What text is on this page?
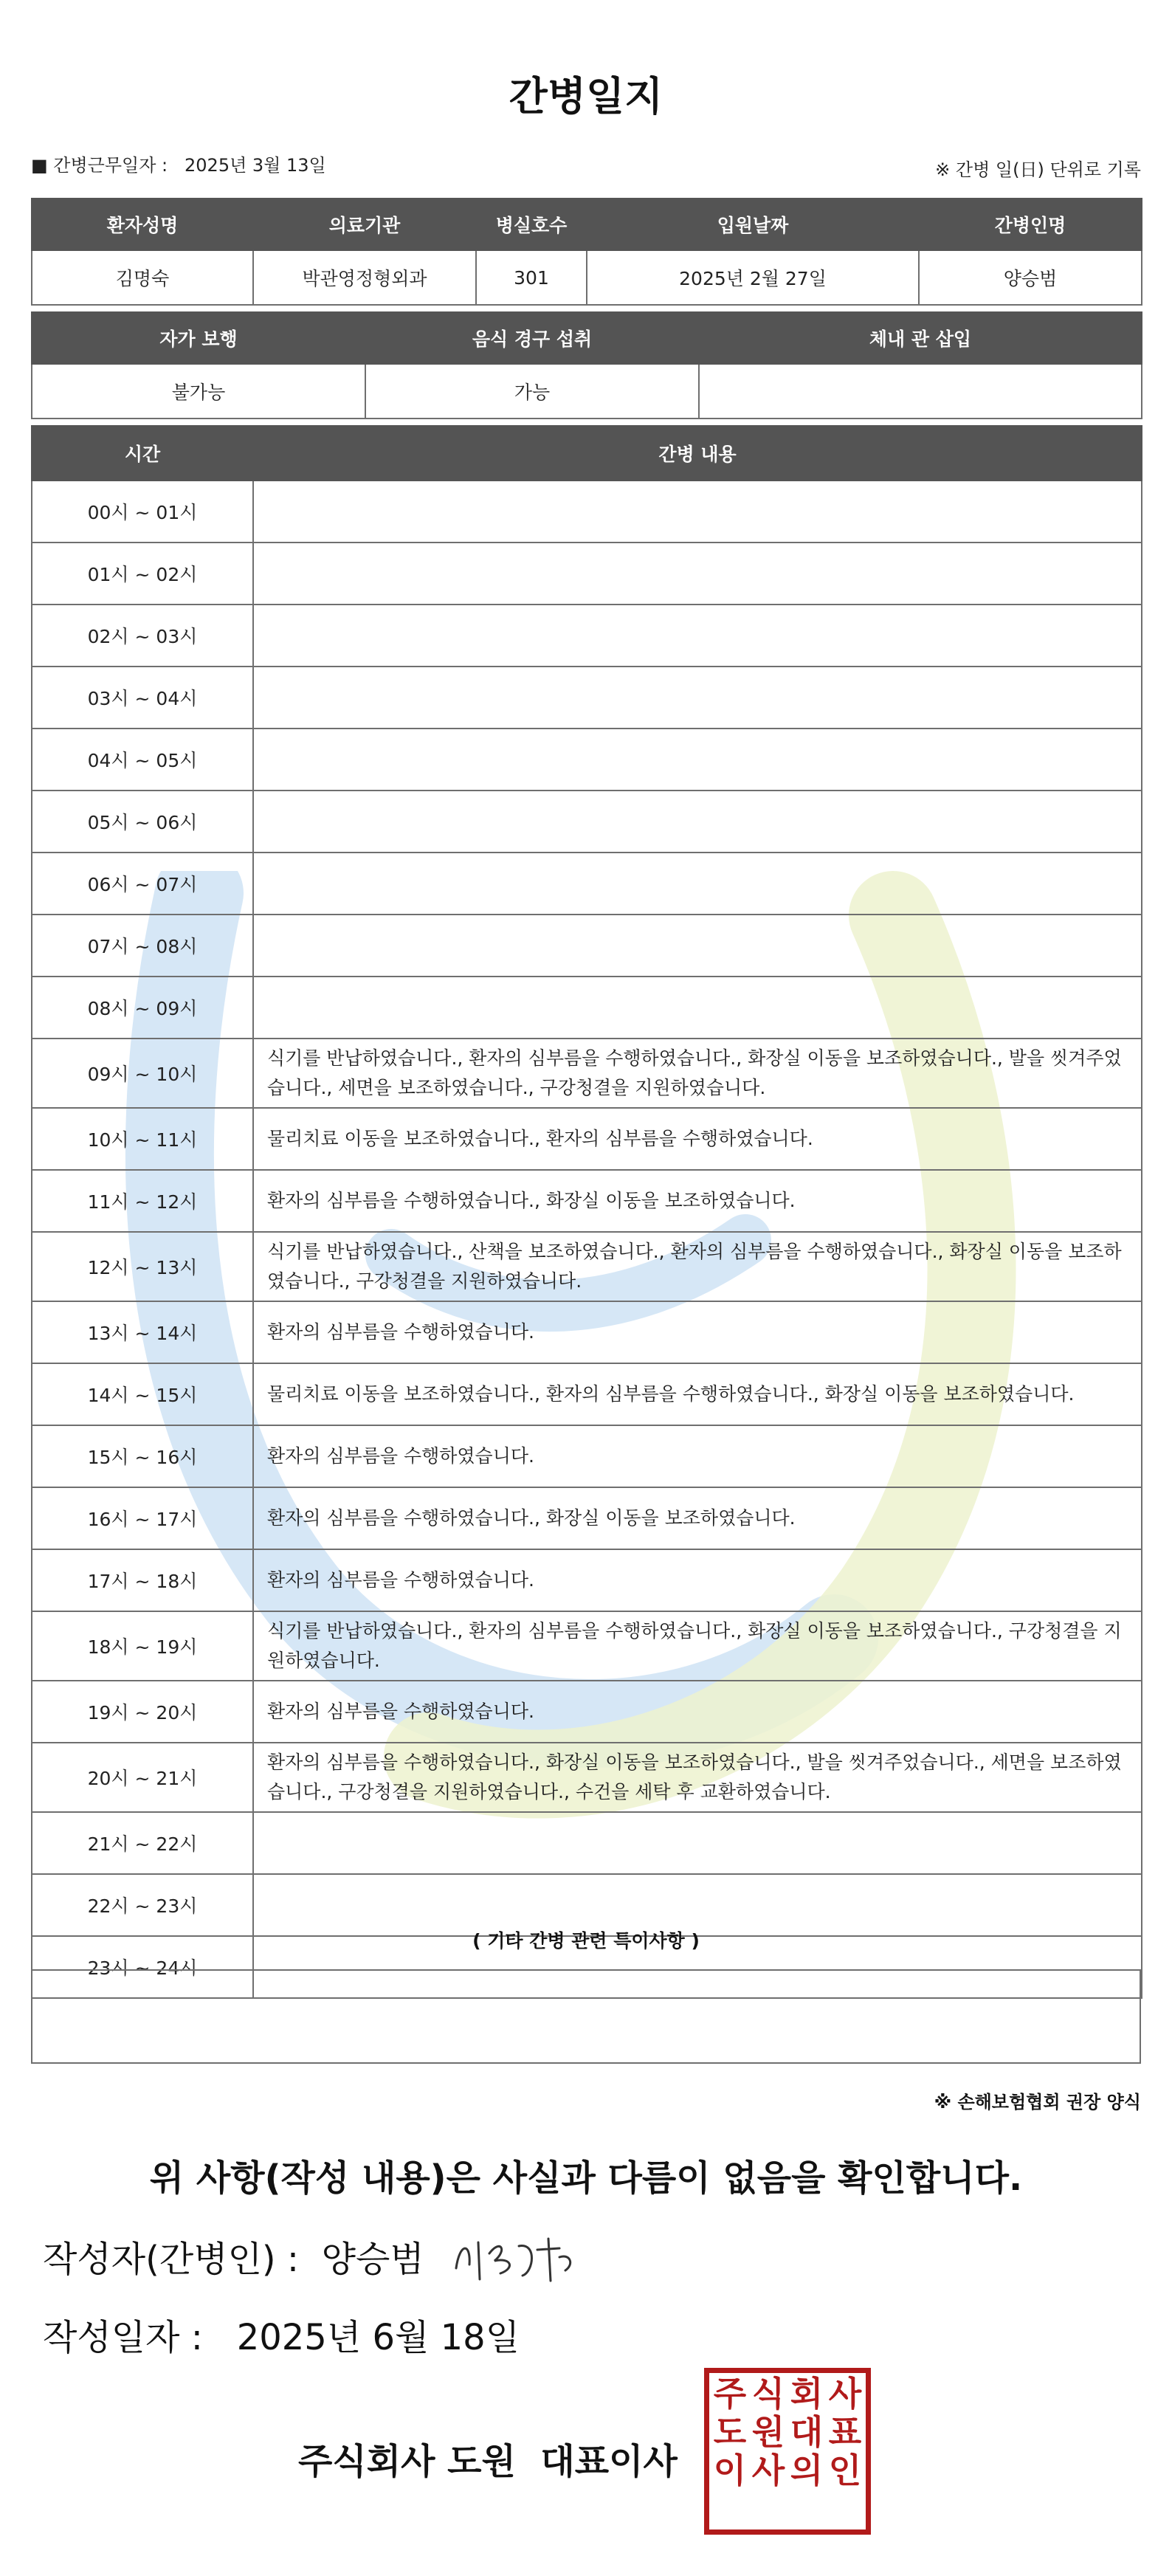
간병일지
■ 간병근무일자 : 2025년 3월 13일	※ 간병 일(日) 단위로 기록
환자성명	의료기관	병실호수	입원날짜	간병인명
김명숙	박관영정형외과	301	2025년 2월 27일	양승범
자가 보행	음식 경구 섭취	체내 관 삽입
불가능	가능	
시간	간병 내용
00시 ~ 01시	
01시 ~ 02시	
02시 ~ 03시	
03시 ~ 04시	
04시 ~ 05시	
05시 ~ 06시	
06시 ~ 07시	
07시 ~ 08시	
08시 ~ 09시	
09시 ~ 10시	식기를 반납하였습니다., 환자의 심부름을 수행하였습니다., 화장실 이동을 보조하였습니다., 발을 씻겨주었습니다., 세면을 보조하였습니다., 구강청결을 지원하였습니다.
10시 ~ 11시	물리치료 이동을 보조하였습니다., 환자의 심부름을 수행하였습니다.
11시 ~ 12시	환자의 심부름을 수행하였습니다., 화장실 이동을 보조하였습니다.
12시 ~ 13시	식기를 반납하였습니다., 산책을 보조하였습니다., 환자의 심부름을 수행하였습니다., 화장실 이동을 보조하였습니다., 구강청결을 지원하였습니다.
13시 ~ 14시	환자의 심부름을 수행하였습니다.
14시 ~ 15시	물리치료 이동을 보조하였습니다., 환자의 심부름을 수행하였습니다., 화장실 이동을 보조하였습니다.
15시 ~ 16시	환자의 심부름을 수행하였습니다.
16시 ~ 17시	환자의 심부름을 수행하였습니다., 화장실 이동을 보조하였습니다.
17시 ~ 18시	환자의 심부름을 수행하였습니다.
18시 ~ 19시	식기를 반납하였습니다., 환자의 심부름을 수행하였습니다., 화장실 이동을 보조하였습니다., 구강청결을 지원하였습니다.
19시 ~ 20시	환자의 심부름을 수행하였습니다.
20시 ~ 21시	환자의 심부름을 수행하였습니다., 화장실 이동을 보조하였습니다., 발을 씻겨주었습니다., 세면을 보조하였습니다., 구강청결을 지원하였습니다., 수건을 세탁 후 교환하였습니다.
21시 ~ 22시	
22시 ~ 23시	
23시 ~ 24시	
( 기타 간병 관련 특이사항 )
※ 손해보험협회 권장 양식
위 사항(작성 내용)은 사실과 다름이 없음을 확인합니다.
작성자(간병인) : 양승범
작성일자 : 2025년 6월 18일
주식회사 도원  대표이사
주 식 회 사
도 원 대 표
이 사 의 인
